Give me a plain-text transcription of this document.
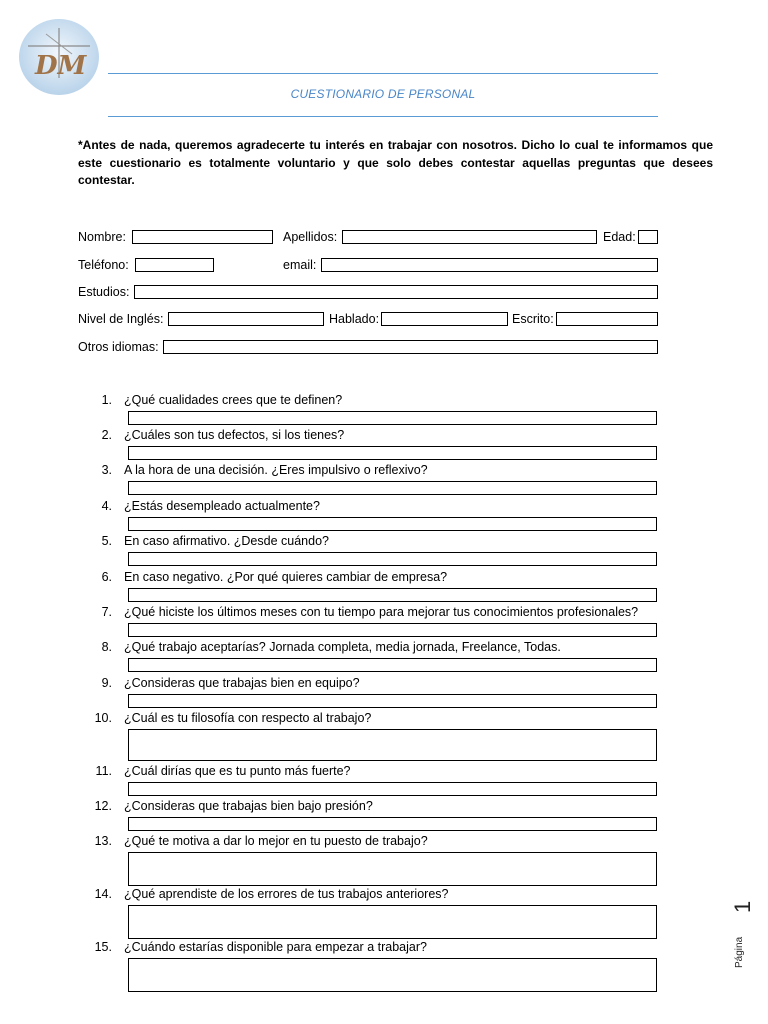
DM
CUESTIONARIO DE PERSONAL
*Antes de nada, queremos agradecerte tu interés en trabajar con nosotros. Dicho lo cual te informamos que este cuestionario es totalmente voluntario y que solo debes contestar aquellas preguntas que desees contestar.
Nombre:	Apellidos:	Edad:
Teléfono:	email:
Estudios:
Nivel de Inglés:	Hablado:	Escrito:
Otros idiomas:
1. ¿Qué cualidades crees que te definen?
2. ¿Cuáles son tus defectos, si los tienes?
3. A la hora de una decisión. ¿Eres impulsivo o reflexivo?
4. ¿Estás desempleado actualmente?
5. En caso afirmativo. ¿Desde cuándo?
6. En caso negativo. ¿Por qué quieres cambiar de empresa?
7. ¿Qué hiciste los últimos meses con tu tiempo para mejorar tus conocimientos profesionales?
8. ¿Qué trabajo aceptarías? Jornada completa, media jornada, Freelance, Todas.
9. ¿Consideras que trabajas bien en equipo?
10. ¿Cuál es tu filosofía con respecto al trabajo?
11. ¿Cuál dirías que es tu punto más fuerte?
12. ¿Consideras que trabajas bien bajo presión?
13. ¿Qué te motiva a dar lo mejor en tu puesto de trabajo?
14. ¿Qué aprendiste de los errores de tus trabajos anteriores?
15. ¿Cuándo estarías disponible para empezar a trabajar?
1
Página
